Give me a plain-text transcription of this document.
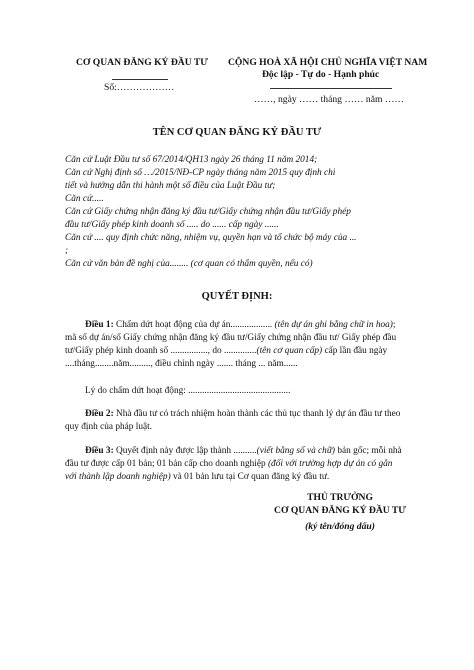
CƠ QUAN ĐĂNG KÝ ĐẦU TƯ
Số:………………
CỘNG HOÀ XÃ HỘI CHỦ NGHĨA VIỆT NAM
Độc lập - Tự do - Hạnh phúc
……, ngày …… tháng …… năm ……
TÊN CƠ QUAN ĐĂNG KÝ ĐẦU TƯ
Căn cứ Luật Đầu tư số 67/2014/QH13 ngày 26 tháng 11 năm 2014;
Căn cứ Nghị định số …/2015/NĐ-CP ngày tháng năm 2015 quy định chi
tiết và hướng dẫn thi hành một số điều của Luật Đầu tư;
Căn cứ.....
Căn cứ Giấy chứng nhận đăng ký đầu tư/Giấy chứng nhận đầu tư/Giấy phép
đầu tư/Giấy phép kinh doanh số ..... do ...... cấp ngày ......
Căn cứ .... quy định chức năng, nhiệm vụ, quyền hạn và tổ chức bộ máy của ...
;
Căn cứ văn bản đề nghị của........ (cơ quan có thẩm quyền, nếu có)
QUYẾT ĐỊNH:
Điều 1: Chấm dứt hoạt động của dự án.................. (tên dự án ghi bằng chữ in hoa);
mã số dự án/số Giấy chứng nhận đăng ký đầu tư/Giấy chứng nhận đầu tư/ Giấy phép đầu
tư/Giấy phép kinh doanh số ................, do ..............(tên cơ quan cấp) cấp lần đầu ngày
....tháng........năm........., điều chỉnh ngày ....... tháng ... năm......
Lý do chấm dứt hoạt động: ............................................
Điều 2: Nhà đầu tư có trách nhiệm hoàn thành các thủ tục thanh lý dự án đầu tư theo
quy định của pháp luật.
Điều 3: Quyết định này được lập thành ..........(viết bằng số và chữ) bản gốc; mỗi nhà
đầu tư được cấp 01 bản; 01 bản cấp cho doanh nghiệp (đối với trường hợp dự án có gắn
với thành lập doanh nghiệp) và 01 bản lưu tại Cơ quan đăng ký đầu tư.
THỦ TRƯỞNG
CƠ QUAN ĐĂNG KÝ ĐẦU TƯ
(ký tên/đóng dấu)
